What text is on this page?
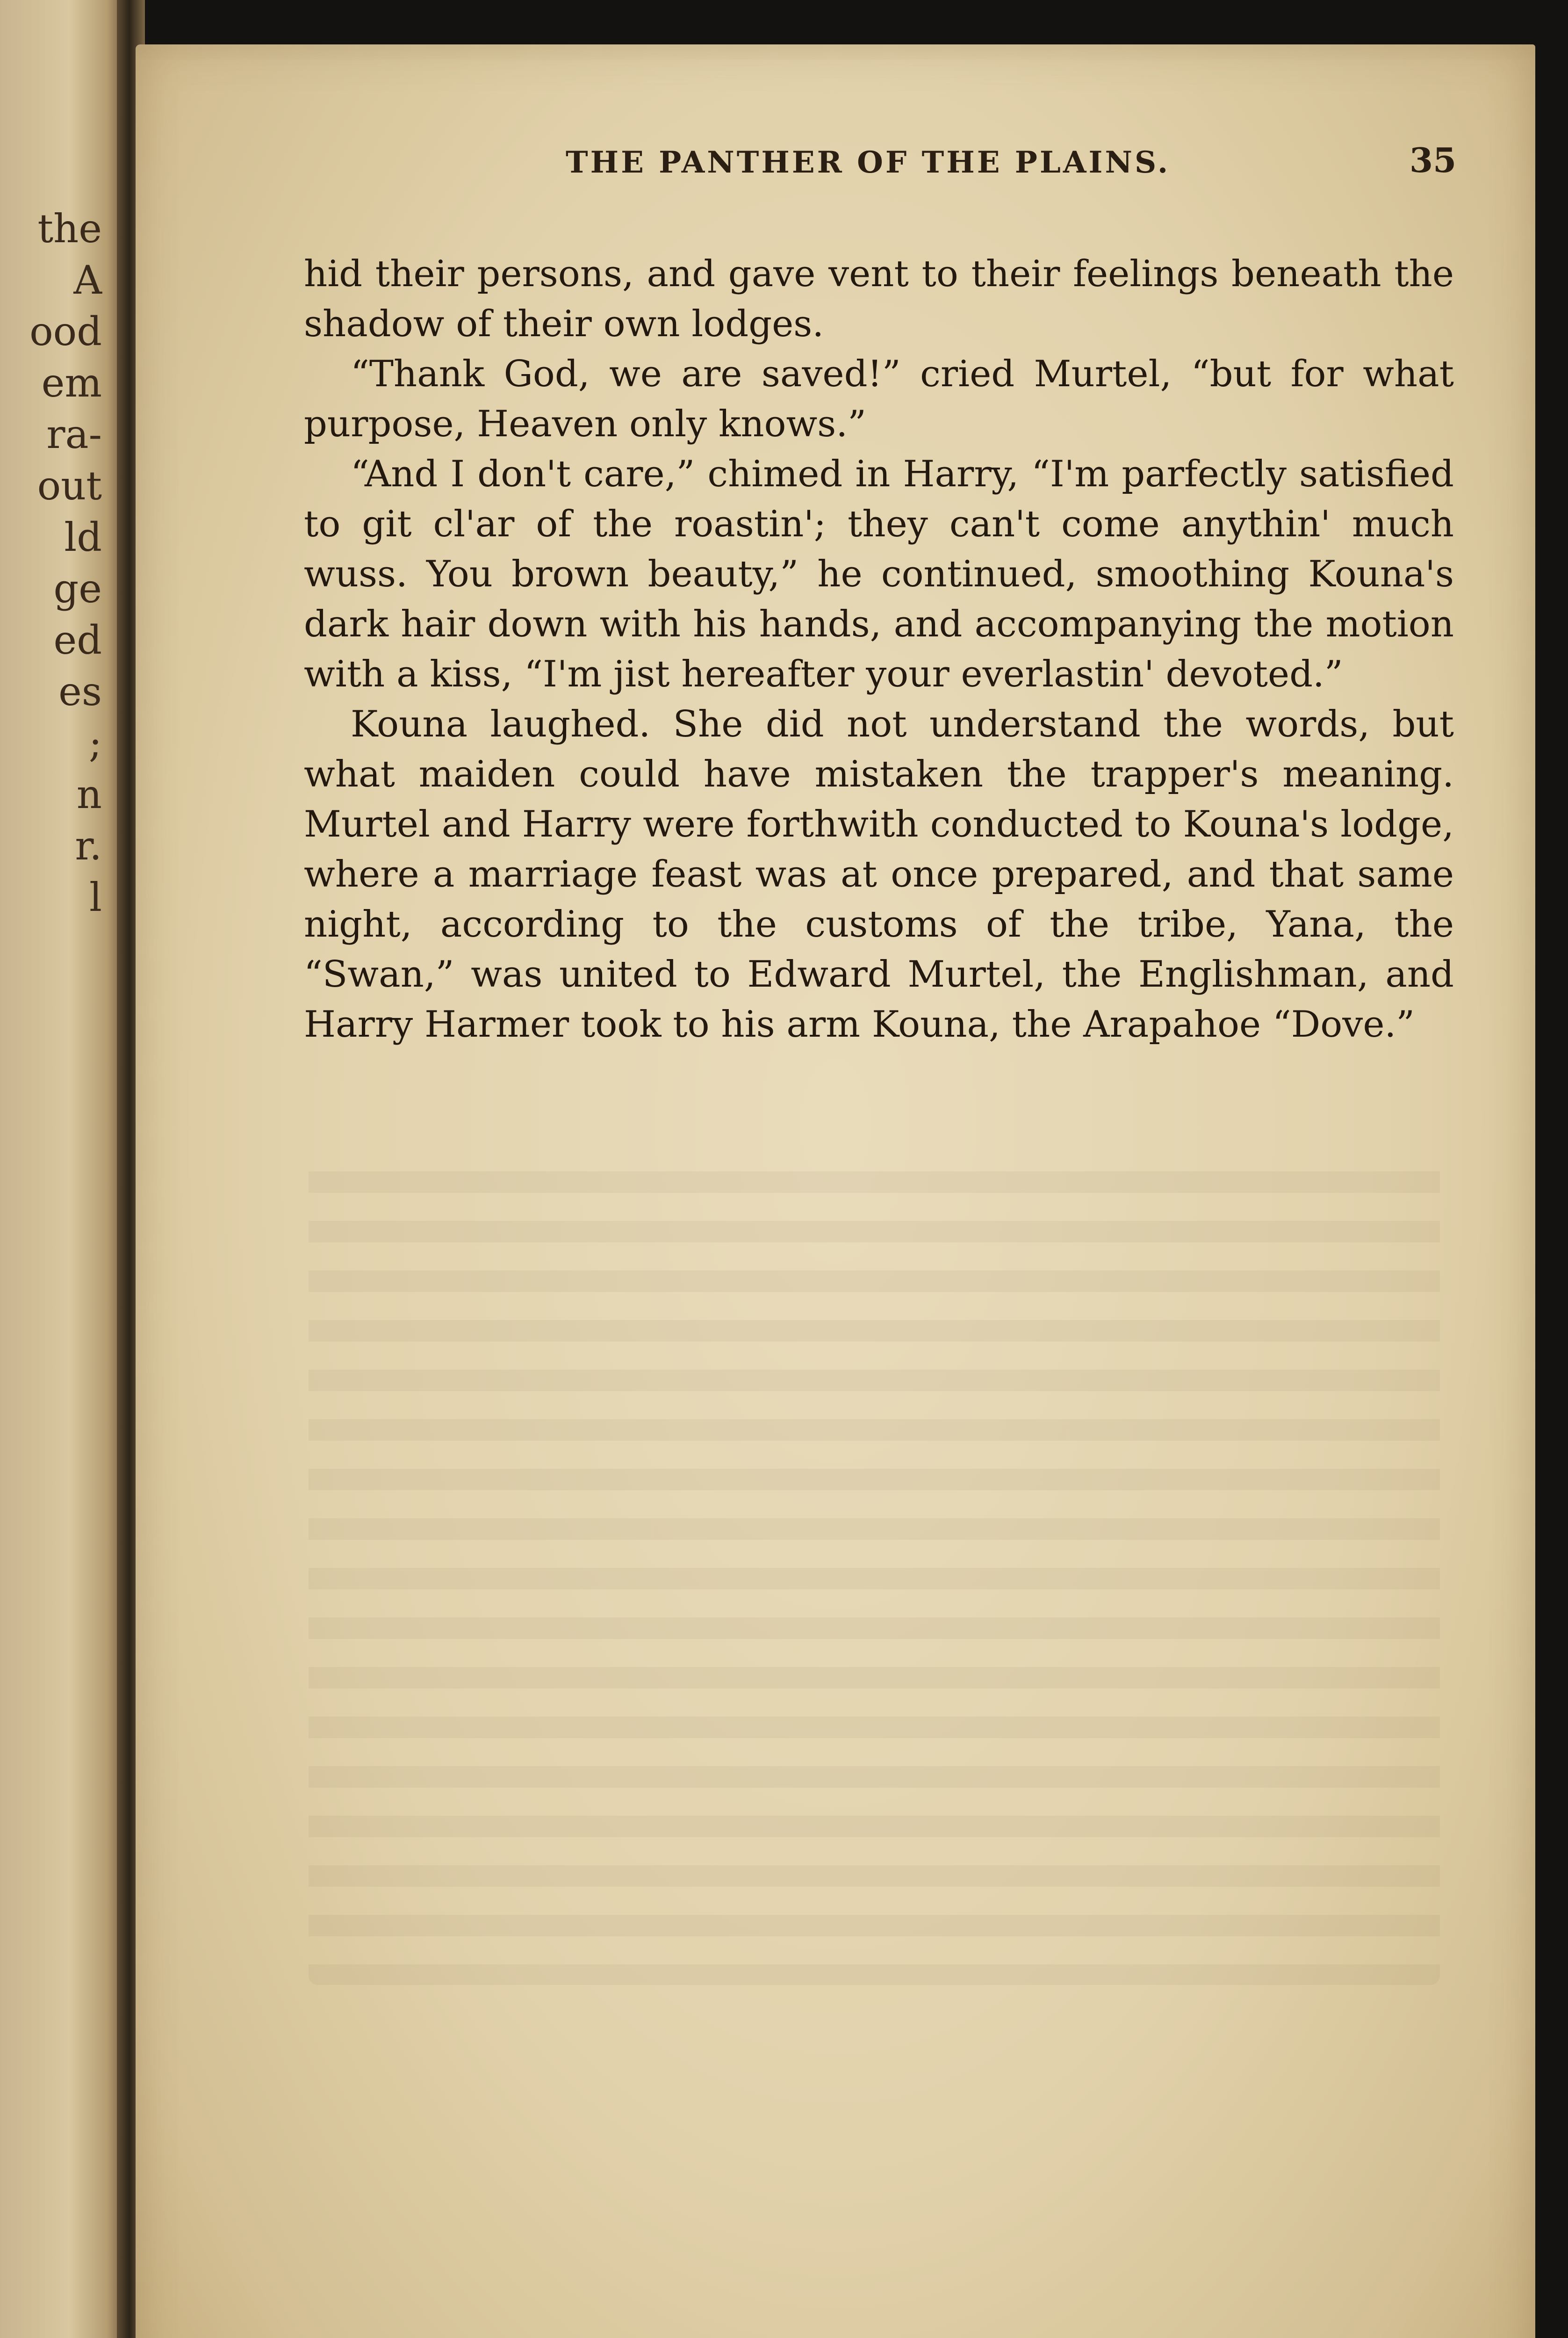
the
A
ood
em
ra-
out
ld
ge
ed
es
;
n
r.
l
THE PANTHER OF THE PLAINS.	35

hid their persons, and gave vent to their feelings beneath the shadow of their own lodges.

“Thank God, we are saved!” cried Murtel, “but for what purpose, Heaven only knows.”

“And I don't care,” chimed in Harry, “I'm parfectly satisfied to git cl'ar of the roastin'; they can't come anythin' much wuss. You brown beauty,” he continued, smoothing Kouna's dark hair down with his hands, and accompanying the motion with a kiss, “I'm jist hereafter your everlastin' devoted.”

Kouna laughed. She did not understand the words, but what maiden could have mistaken the trapper's meaning. Murtel and Harry were forthwith conducted to Kouna's lodge, where a marriage feast was at once prepared, and that same night, according to the customs of the tribe, Yana, the “Swan,” was united to Edward Murtel, the Englishman, and Harry Harmer took to his arm Kouna, the Arapahoe “Dove.”
